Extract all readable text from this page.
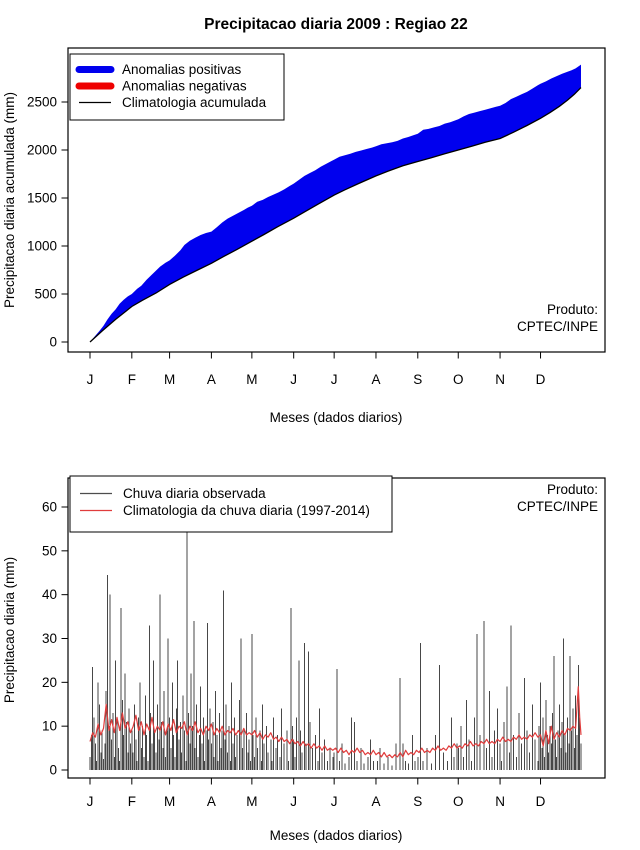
Precipitacao diaria 2009 : Regiao 22
0
500
1000
1500
2000
2500
J	F M A M J J	A S O N D
Precipitacao diaria acumulada (mm)
Meses (dados diarios)
Anomalias positivas
Anomalias negativas
Climatologia acumulada
Produto:
CPTEC/INPE
0
10
20
30
40
50
60
J	F M A M J J	A S O N D
Precipitacao diaria (mm)
Meses (dados diarios)
Chuva diaria observada
Climatologia da chuva diaria (1997-2014)
Produto:
CPTEC/INPE
